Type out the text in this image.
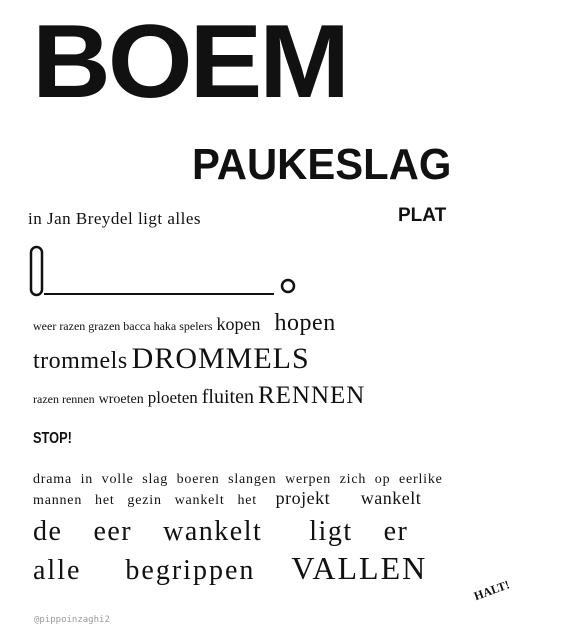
BOEM
PAUKESLAG
in Jan Breydel ligt alles	PLAT
weer razen grazen bacca haka spelers kopen hopen
trommels DROMMELS
razen rennen wroeten ploeten fluiten RENNEN
STOP!
drama  in  volle  slag  boeren  slangen  werpen  zich  op  eerlike
mannen   het   gezin   wankelt   het projekt wankelt
de eer wankelt ligt er
alle begrippen VALLEN
HALT!
@pippoinzaghi2
